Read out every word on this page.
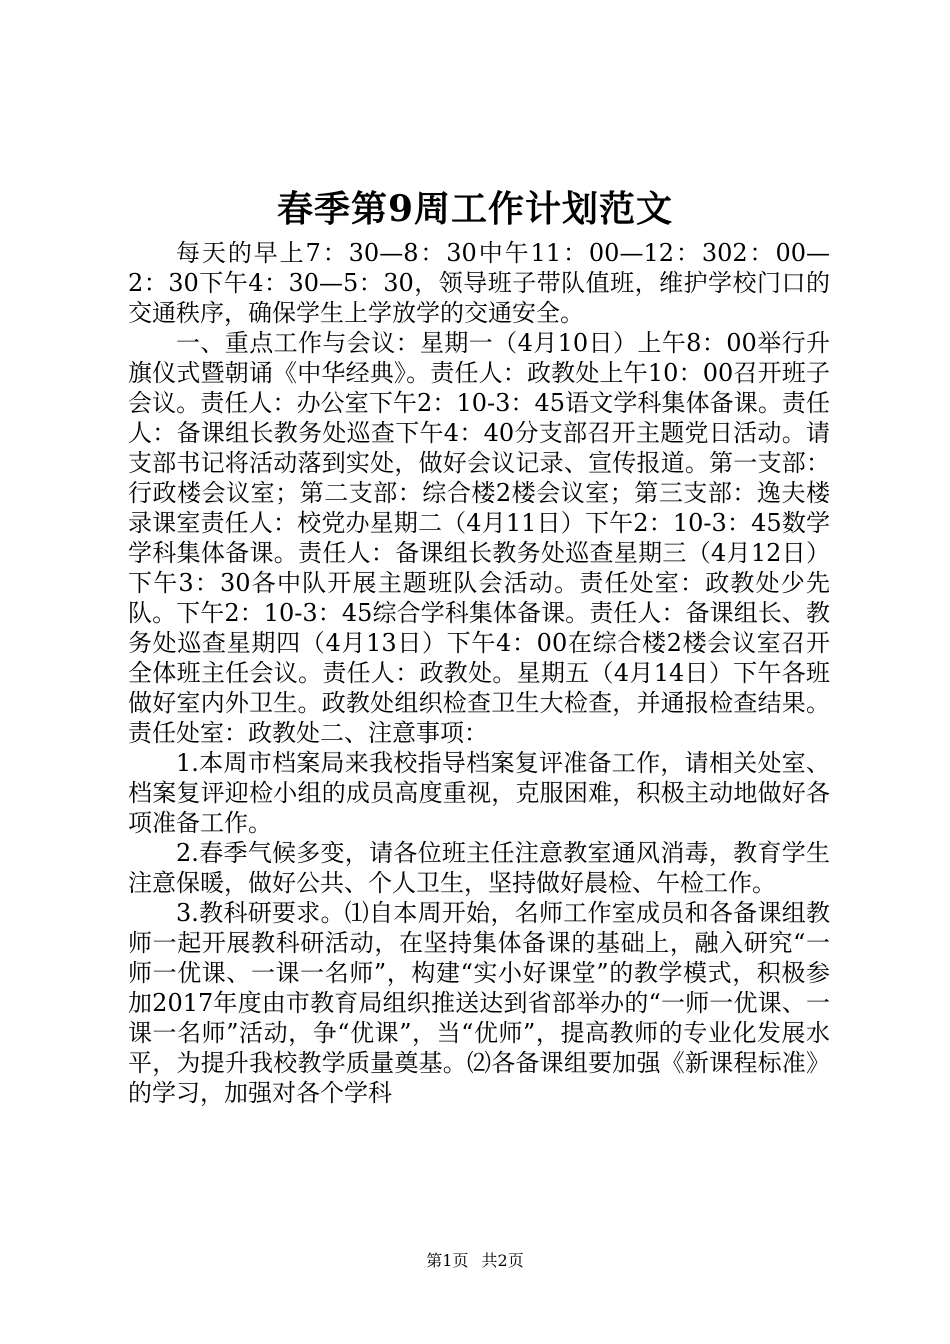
春季第9周工作计划范文

每天的早上7：30—8：30中午11：00—12：302：00—2：30下午4：30—5：30，领导班子带队值班，维护学校门口的交通秩序，确保学生上学放学的交通安全。

一、重点工作与会议：星期一（4月10日）上午8：00举行升旗仪式暨朝诵《中华经典》。责任人：政教处上午10：00召开班子会议。责任人：办公室下午2：10-3：45语文学科集体备课。责任人：备课组长教务处巡查下午4：40分支部召开主题党日活动。请支部书记将活动落到实处，做好会议记录、宣传报道。第一支部：行政楼会议室；第二支部：综合楼2楼会议室；第三支部：逸夫楼录课室责任人：校党办星期二（4月11日）下午2：10-3：45数学学科集体备课。责任人：备课组长教务处巡查星期三（4月12日）下午3：30各中队开展主题班队会活动。责任处室：政教处少先队。下午2：10-3：45综合学科集体备课。责任人：备课组长、教务处巡查星期四（4月13日）下午4：00在综合楼2楼会议室召开全体班主任会议。责任人：政教处。星期五（4月14日）下午各班做好室内外卫生。政教处组织检查卫生大检查，并通报检查结果。责任处室：政教处二、注意事项：

1.本周市档案局来我校指导档案复评准备工作，请相关处室、档案复评迎检小组的成员高度重视，克服困难，积极主动地做好各项准备工作。

2.春季气候多变，请各位班主任注意教室通风消毒，教育学生注意保暖，做好公共、个人卫生，坚持做好晨检、午检工作。

3.教科研要求。⑴自本周开始，名师工作室成员和各备课组教师一起开展教科研活动，在坚持集体备课的基础上，融入研究“一师一优课、一课一名师”，构建“实小好课堂”的教学模式，积极参加2017年度由市教育局组织推送达到省部举办的“一师一优课、一课一名师”活动，争“优课”，当“优师”，提高教师的专业化发展水平，为提升我校教学质量奠基。⑵各备课组要加强《新课程标准》的学习，加强对各个学科

第1页 共2页
